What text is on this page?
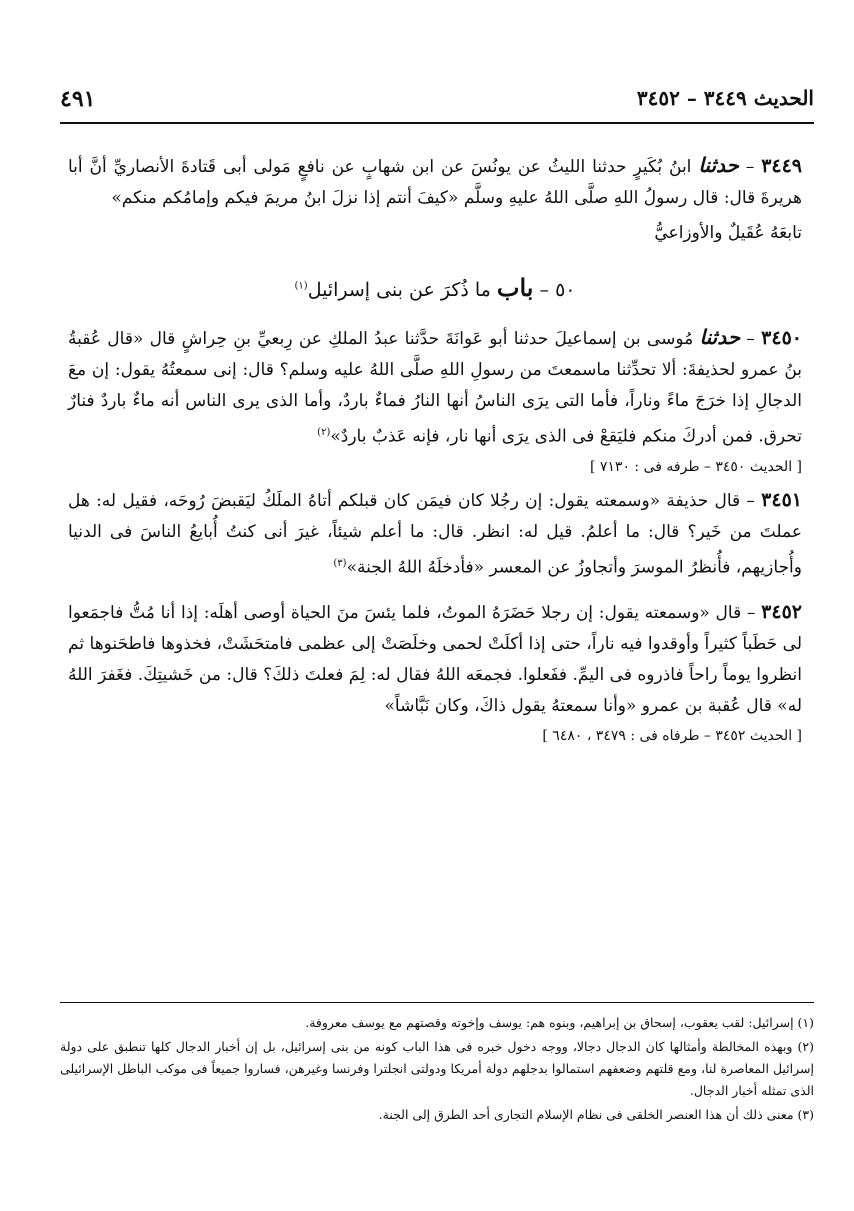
الحديث ٣٤٤٩ – ٣٤٥٢
٤٩١

٣٤٤٩ – حدثنا ابنُ بُكَيرٍ حدثنا الليثُ عن يونُسَ عن ابن شهابٍ عن نافعٍ مَولى أبى قَتادةَ الأنصاريِّ أنَّ أبا هريرةَ قال: قال رسولُ اللهِ صلَّى اللهُ عليهِ وسلَّم «كيفَ أنتم إذا نزلَ ابنُ مريمَ فيكم وإمامُكم منكم»

تابعَهُ عُقَيلٌ والأوزاعيُّ

٥٠ – باب ما ذُكرَ عن بنى إسرائيل$^{(١)}$

٣٤٥٠ – حدثنا مُوسى بن إسماعيلَ حدثنا أبو عَوانَةَ حدَّثنا عبدُ الملكِ عن رِبعيِّ بنِ حِراشٍ قال «قال عُقبةُ بنُ عمرو لحذيفةَ: ألا تحدِّثنا ماسمعتَ من رسولِ اللهِ صلَّى اللهُ عليه وسلم؟ قال: إنى سمعتُهُ يقول: إن معَ الدجالِ إذا خرَجَ ماءً وناراً، فأما التى يرَى الناسُ أنها النارُ فماءٌ باردٌ، وأما الذى يرى الناس أنه ماءٌ باردٌ فنارٌ تحرق. فمن أدركَ منكم فليَقعْ فى الذى يرَى أنها نار، فإنه عَذبٌ باردٌ»$^{(٢)}$

[ الحديث ٣٤٥٠ – طرفه فى : ٧١٣٠ ]

٣٤٥١ – قال حذيفة «وسمعته يقول: إن رجُلا كان فيمَن كان قبلكم أتاهُ الملَكُ ليَقبضَ رُوحَه، فقيل له: هل عملتَ من خَير؟ قال: ما أعلمُ. قيل له: انظر. قال: ما أعلم شيئاً، غيرَ أنى كنتُ أُبايعُ الناسَ فى الدنيا وأُجازيهم، فأُنظرُ الموسرَ وأتجاوزُ عن المعسر «فأدخلَهُ اللهُ الجنة»$^{(٣)}$

٣٤٥٢ – قال «وسمعته يقول: إن رجلا حَضَرَهُ الموتُ، فلما يئسَ منَ الحياة أوصى أهلَه: إذا أنا مُتُّ فاجمَعوا لى حَطَباً كثيراً وأوقدوا فيه ناراً، حتى إذا أكلَتْ لحمى وخلَصَتْ إلى عظمى فامتحَشَتْ، فخذوها فاطحَنوها ثم انظروا يوماً راحاً فاذروه فى اليمِّ. ففَعلوا. فجمعَه اللهُ فقال له: لِمَ فعلتَ ذلكَ؟ قال: من خَشيتِكَ. فغَفرَ اللهُ له» قال عُقبة بن عمرو «وأنا سمعتهُ يقول ذاكَ، وكان نَبَّاشاً»

[ الحديث ٣٤٥٢ – طرفاه فى : ٣٤٧٩ ، ٦٤٨٠ ]

(١) إسرائيل: لقب يعقوب، إسحاق بن إبراهيم، وبنوه هم: يوسف وإخوته وقصتهم مع يوسف معروفة.

(٢) وبهذه المخالطة وأمثالها كان الدجال دجالا، ووجه دخول خبره فى هذا الباب كونه من بنى إسرائيل، بل إن أخبار الدجال كلها تنطبق على دولة إسرائيل المعاصرة لنا، ومع قلتهم وضعفهم استمالوا بدجلهم دولة أمريكا ودولتى انجلترا وفرنسا وغيرهن، فساروا جميعاً فى موكب الباطل الإسرائيلى الذى تمثله أخبار الدجال.

(٣) معنى ذلك أن هذا العنصر الخلقى فى نظام الإسلام التجارى أحد الطرق إلى الجنة.
